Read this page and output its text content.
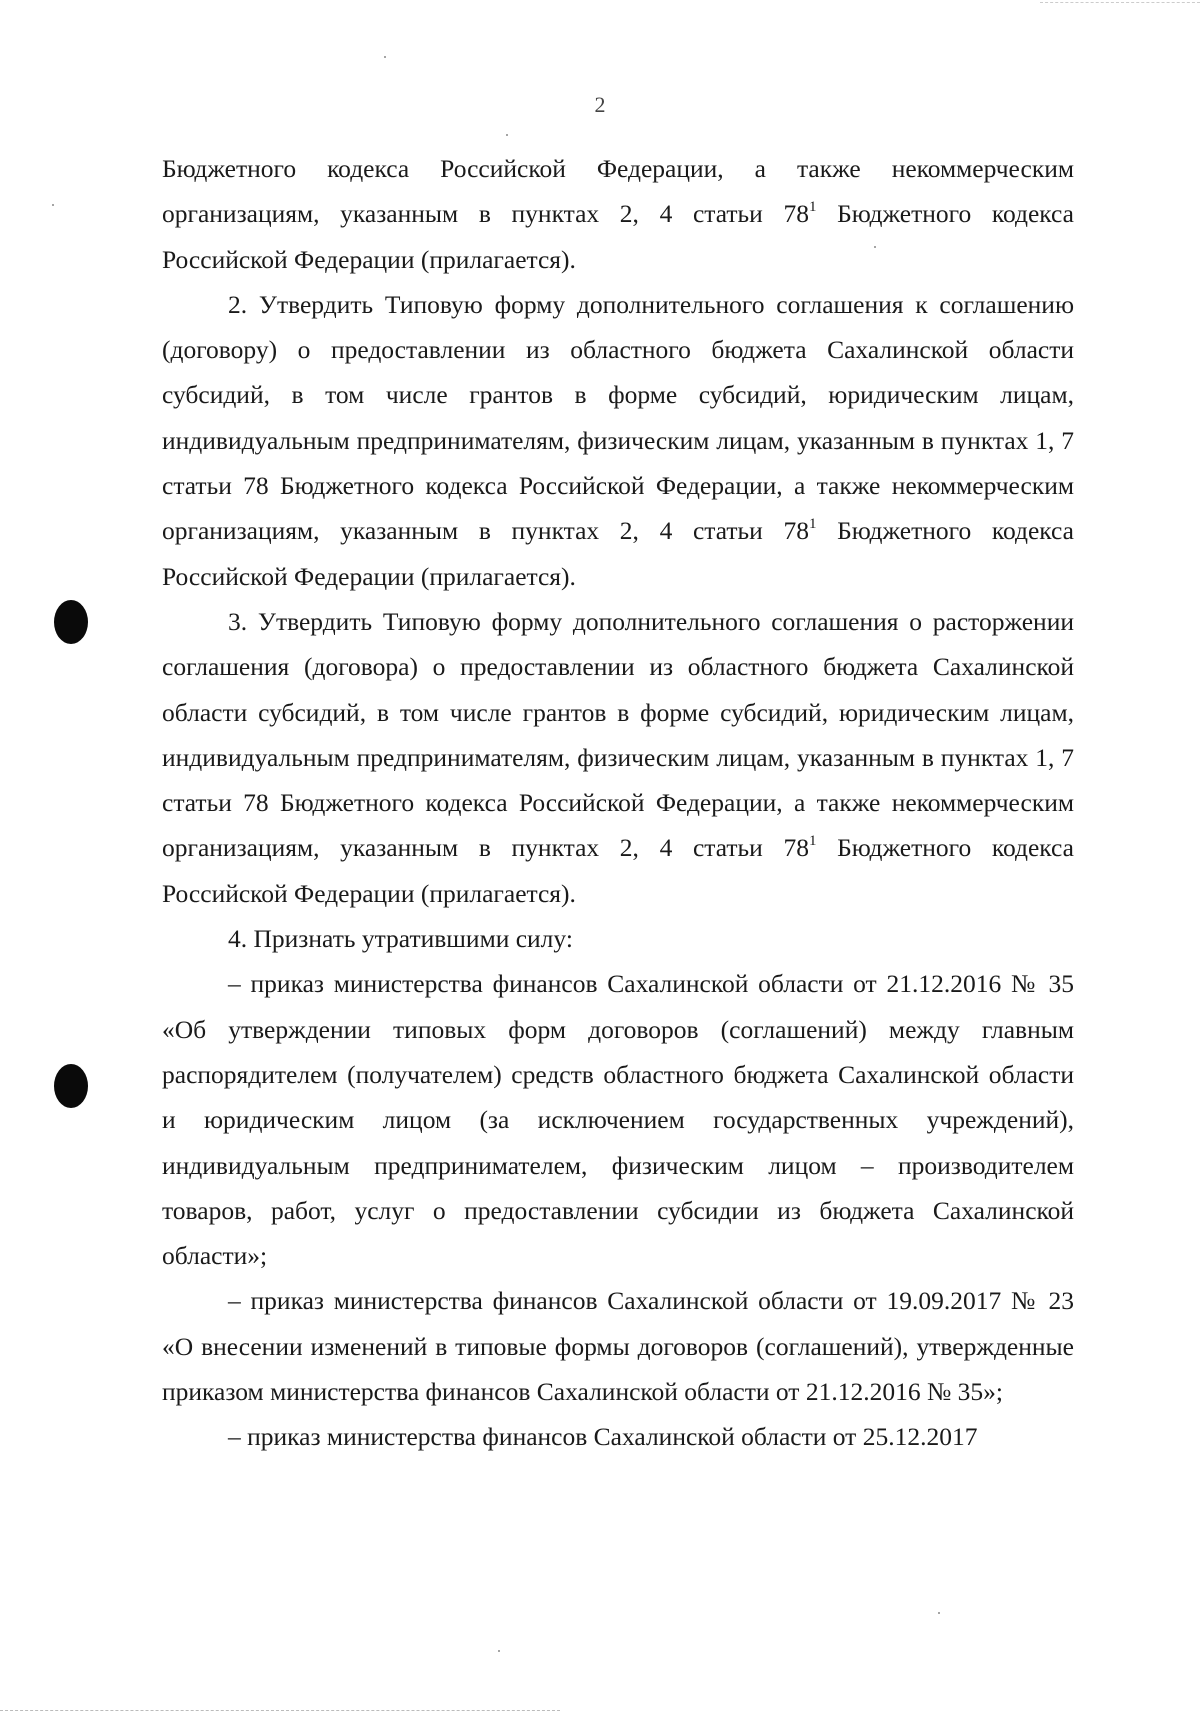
2

Бюджетного кодекса Российской Федерации, а также некоммерческим организациям, указанным в пунктах 2, 4 статьи $78^1$ Бюджетного кодекса Российской Федерации (прилагается).

2. Утвердить Типовую форму дополнительного соглашения к соглашению (договору) о предоставлении из областного бюджета Сахалинской области субсидий, в том числе грантов в форме субсидий, юридическим лицам, индивидуальным предпринимателям, физическим лицам, указанным в пунктах 1, 7 статьи 78 Бюджетного кодекса Российской Федерации, а также некоммерческим организациям, указанным в пунктах 2, 4 статьи $78^1$ Бюджетного кодекса Российской Федерации (прилагается).

3. Утвердить Типовую форму дополнительного соглашения о расторжении соглашения (договора) о предоставлении из областного бюджета Сахалинской области субсидий, в том числе грантов в форме субсидий, юридическим лицам, индивидуальным предпринимателям, физическим лицам, указанным в пунктах 1, 7 статьи 78 Бюджетного кодекса Российской Федерации, а также некоммерческим организациям, указанным в пунктах 2, 4 статьи $78^1$ Бюджетного кодекса Российской Федерации (прилагается).

4. Признать утратившими силу:

– приказ министерства финансов Сахалинской области от 21.12.2016 № 35 «Об утверждении типовых форм договоров (соглашений) между главным распорядителем (получателем) средств областного бюджета Сахалинской области и юридическим лицом (за исключением государственных учреждений), индивидуальным предпринимателем, физическим лицом – производителем товаров, работ, услуг о предоставлении субсидии из бюджета Сахалинской области»;

– приказ министерства финансов Сахалинской области от 19.09.2017 № 23 «О внесении изменений в типовые формы договоров (соглашений), утвержденные приказом министерства финансов Сахалинской области от 21.12.2016 № 35»;

– приказ министерства финансов Сахалинской области от 25.12.2017
